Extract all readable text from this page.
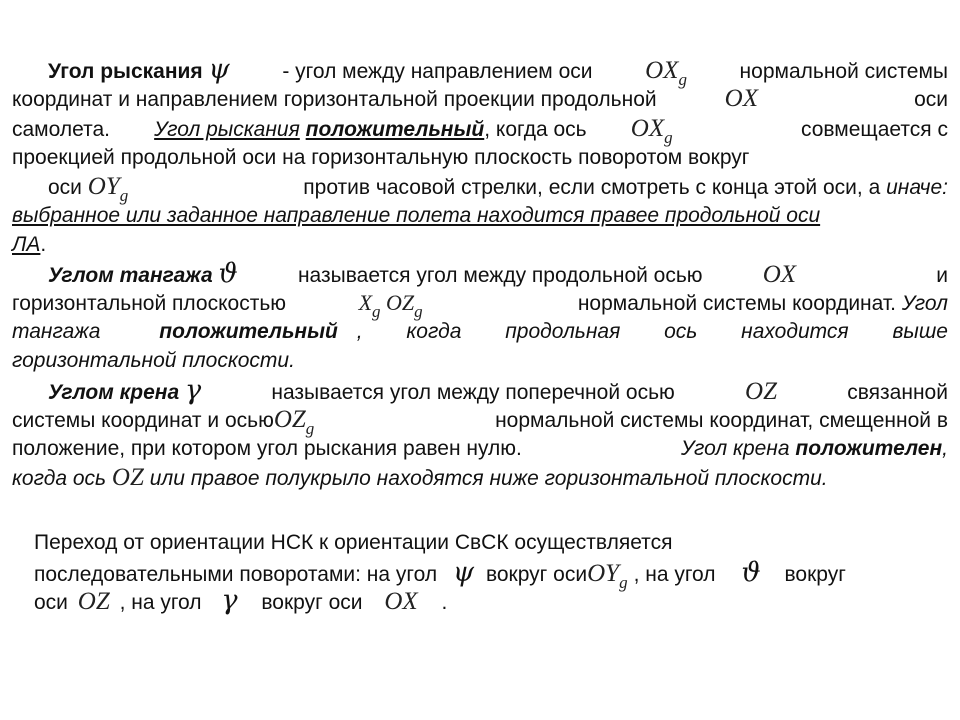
Угол рыскания ψ	- угол между направлением оси $OX_g$	нормальной системы
координат и направлением горизонтальной проекции продольной	OX	оси
самолета. Угол рыскания положительный, когда ось $OX_g$	совмещается с
проекцией продольной оси на горизонтальную плоскость поворотом вокруг
оси $OY_g$	против часовой стрелки, если смотреть с конца этой оси, а иначе:
выбранное или заданное направление полета находится правее продольной оси
ЛА.
Углом тангажа ϑ	называется угол между продольной осью OX	и
горизонтальной плоскостью	$X_g$ $OZ_g$	нормальной системы координат. Угол
тангажа	положительный , когда продольная ось находится выше
горизонтальной плоскости.
Углом крена γ	называется угол между поперечной осью	OZ	связанной
системы координат и осьюOZ$_g$	нормальной системы координат, смещенной в
положение, при котором угол рыскания равен нулю.	Угол крена положителен,
когда ось OZ или правое полукрыло находятся ниже горизонтальной плоскости.
Переход от ориентации НСК к ориентации СвСК осуществляется
последовательными поворотами: на угол ψ вокруг осиOY$_g$ , на угол ϑ вокруг
оси OZ , на угол γ вокруг оси OX .
